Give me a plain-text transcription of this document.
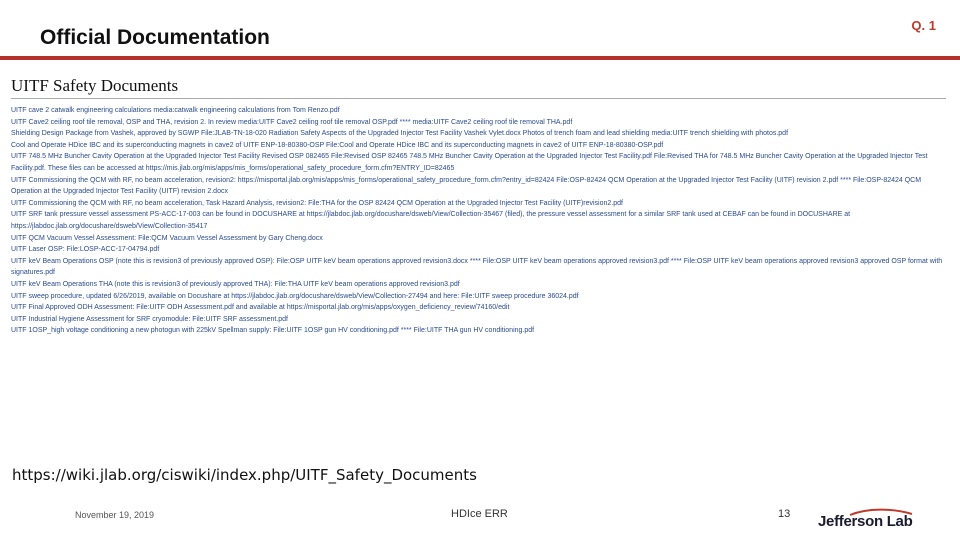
Official Documentation
Q. 1
UITF Safety Documents
UITF cave 2 catwalk engineering calculations media:catwalk engineering calculations from Tom Renzo.pdf
UITF Cave2 ceiling roof tile removal, OSP and THA, revision 2. In review media:UITF Cave2 ceiling roof tile removal OSP.pdf **** media:UITF Cave2 ceiling roof tile removal THA.pdf
Shielding Design Package from Vashek, approved by SGWP File:JLAB-TN-18-020 Radiation Safety Aspects of the Upgraded Injector Test Facility Vashek Vylet.docx Photos of trench foam and lead shielding media:UITF trench shielding with photos.pdf
Cool and Operate HDice IBC and its superconducting magnets in cave2 of UITF ENP-18-80380-OSP File:Cool and Operate HDice IBC and its superconducting magnets in cave2 of UITF ENP-18-80380-OSP.pdf
UITF 748.5 MHz Buncher Cavity Operation at the Upgraded Injector Test Facility Revised OSP 082465 File:Revised OSP 82465 748.5 MHz Buncher Cavity Operation at the Upgraded Injector Test Facility.pdf File:Revised THA for 748.5 MHz Buncher Cavity Operation at the Upgraded Injector Test Facility.pdf. These files can be accessed at https://mis.jlab.org/mis/apps/mis_forms/operational_safety_procedure_form.cfm?ENTRY_ID=82465
UITF Commissioning the QCM with RF, no beam acceleration, revision2: https://misportal.jlab.org/mis/apps/mis_forms/operational_safety_procedure_form.cfm?entry_id=82424 File:OSP-82424 QCM Operation at the Upgraded Injector Test Facility (UITF) revision 2.pdf **** File:OSP-82424 QCM Operation at the Upgraded Injector Test Facility (UITF) revision 2.docx
UITF Commissioning the QCM with RF, no beam acceleration, Task Hazard Analysis, revision2: File:THA for the OSP 82424 QCM Operation at the Upgraded Injector Test Facility (UITF)revision2.pdf
UITF SRF tank pressure vessel assessment PS-ACC-17-003 can be found in DOCUSHARE at https://jlabdoc.jlab.org/docushare/dsweb/View/Collection-35467 (filed), the pressure vessel assessment for a similar SRF tank used at CEBAF can be found in DOCUSHARE at https://jlabdoc.jlab.org/docushare/dsweb/View/Collection-35417
UITF QCM Vacuum Vessel Assessment: File:QCM Vacuum Vessel Assessment by Gary Cheng.docx
UITF Laser OSP: File:LOSP-ACC-17-04794.pdf
UITF keV Beam Operations OSP (note this is revision3 of previously approved OSP): File:OSP UITF keV beam operations approved revision3.docx **** File:OSP UITF keV beam operations approved revision3.pdf **** File:OSP UITF keV beam operations approved revision3 approved OSP format with signatures.pdf
UITF keV Beam Operations THA (note this is revision3 of previously approved THA): File:THA UITF keV beam operations approved revision3.pdf
UITF sweep procedure, updated 6/26/2019, available on Docushare at https://jlabdoc.jlab.org/docushare/dsweb/View/Collection-27494 and here: File:UITF sweep procedure 36024.pdf
UITF Final Approved ODH Assessment: File:UITF ODH Assessment.pdf and available at https://misportal.jlab.org/mis/apps/oxygen_deficiency_review/74160/edit
UITF Industrial Hygiene Assessment for SRF cryomodule: File:UITF SRF assessment.pdf
UITF 1OSP_high voltage conditioning a new photogun with 225kV Spellman supply: File:UITF 1OSP gun HV conditioning.pdf **** File:UITF THA gun HV conditioning.pdf
https://wiki.jlab.org/ciswiki/index.php/UITF_Safety_Documents
November 19, 2019	HDIce ERR	13 Jefferson Lab
